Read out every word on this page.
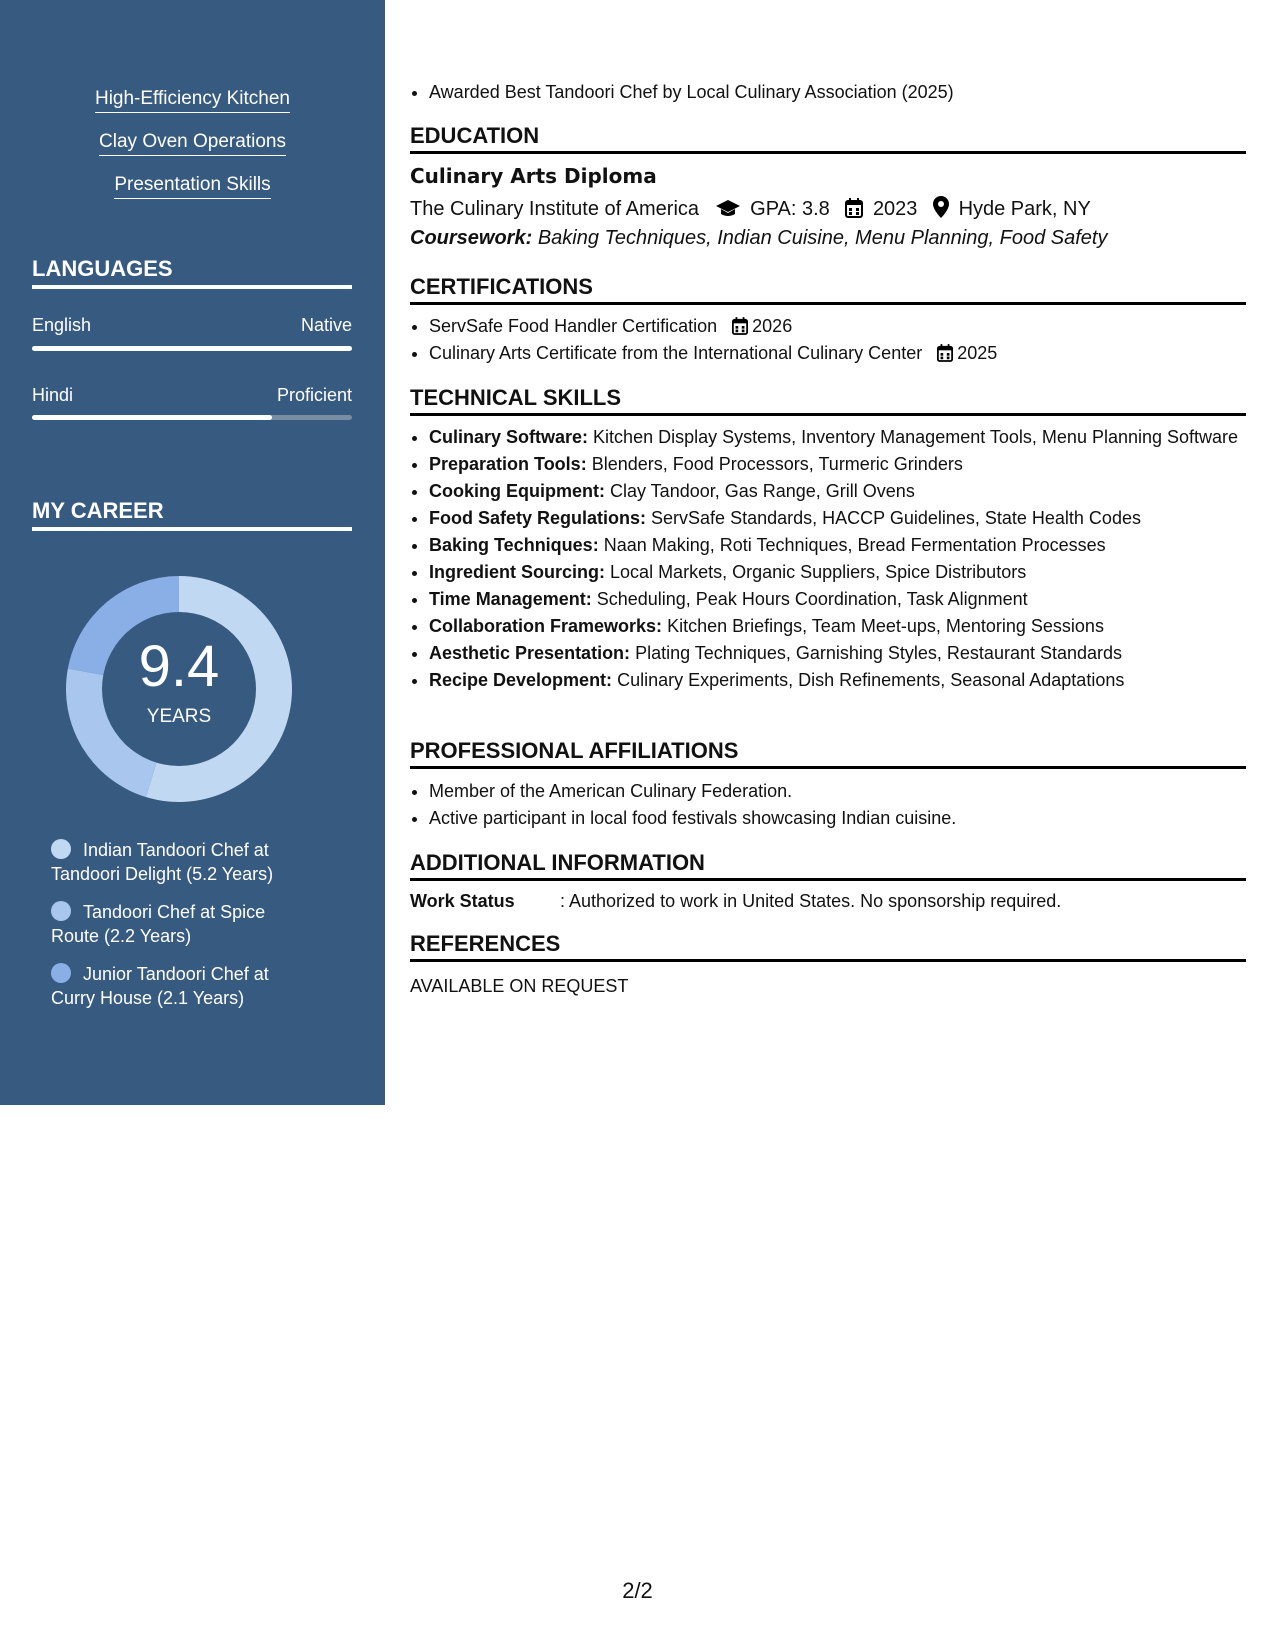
High-Efficiency Kitchen
Clay Oven Operations
Presentation Skills
LANGUAGES
English	Native
Hindi	Proficient
MY CAREER
9.4
YEARS
Indian Tandoori Chef at Tandoori Delight (5.2 Years)
Tandoori Chef at Spice Route (2.2 Years)
Junior Tandoori Chef at Curry House (2.1 Years)
• Awarded Best Tandoori Chef by Local Culinary Association (2025)
EDUCATION
Culinary Arts Diploma
The Culinary Institute of America	GPA: 3.8 2023 Hyde Park, NY
Coursework: Baking Techniques, Indian Cuisine, Menu Planning, Food Safety
CERTIFICATIONS
• ServSafe Food Handler Certification 2026
• Culinary Arts Certificate from the International Culinary Center 2025
TECHNICAL SKILLS
• Culinary Software: Kitchen Display Systems, Inventory Management Tools, Menu Planning Software
• Preparation Tools: Blenders, Food Processors, Turmeric Grinders
• Cooking Equipment: Clay Tandoor, Gas Range, Grill Ovens
• Food Safety Regulations: ServSafe Standards, HACCP Guidelines, State Health Codes
• Baking Techniques: Naan Making, Roti Techniques, Bread Fermentation Processes
• Ingredient Sourcing: Local Markets, Organic Suppliers, Spice Distributors
• Time Management: Scheduling, Peak Hours Coordination, Task Alignment
• Collaboration Frameworks: Kitchen Briefings, Team Meet-ups, Mentoring Sessions
• Aesthetic Presentation: Plating Techniques, Garnishing Styles, Restaurant Standards
• Recipe Development: Culinary Experiments, Dish Refinements, Seasonal Adaptations
PROFESSIONAL AFFILIATIONS
• Member of the American Culinary Federation.
• Active participant in local food festivals showcasing Indian cuisine.
ADDITIONAL INFORMATION
Work Status	: Authorized to work in United States. No sponsorship required.
REFERENCES
AVAILABLE ON REQUEST
2/2
